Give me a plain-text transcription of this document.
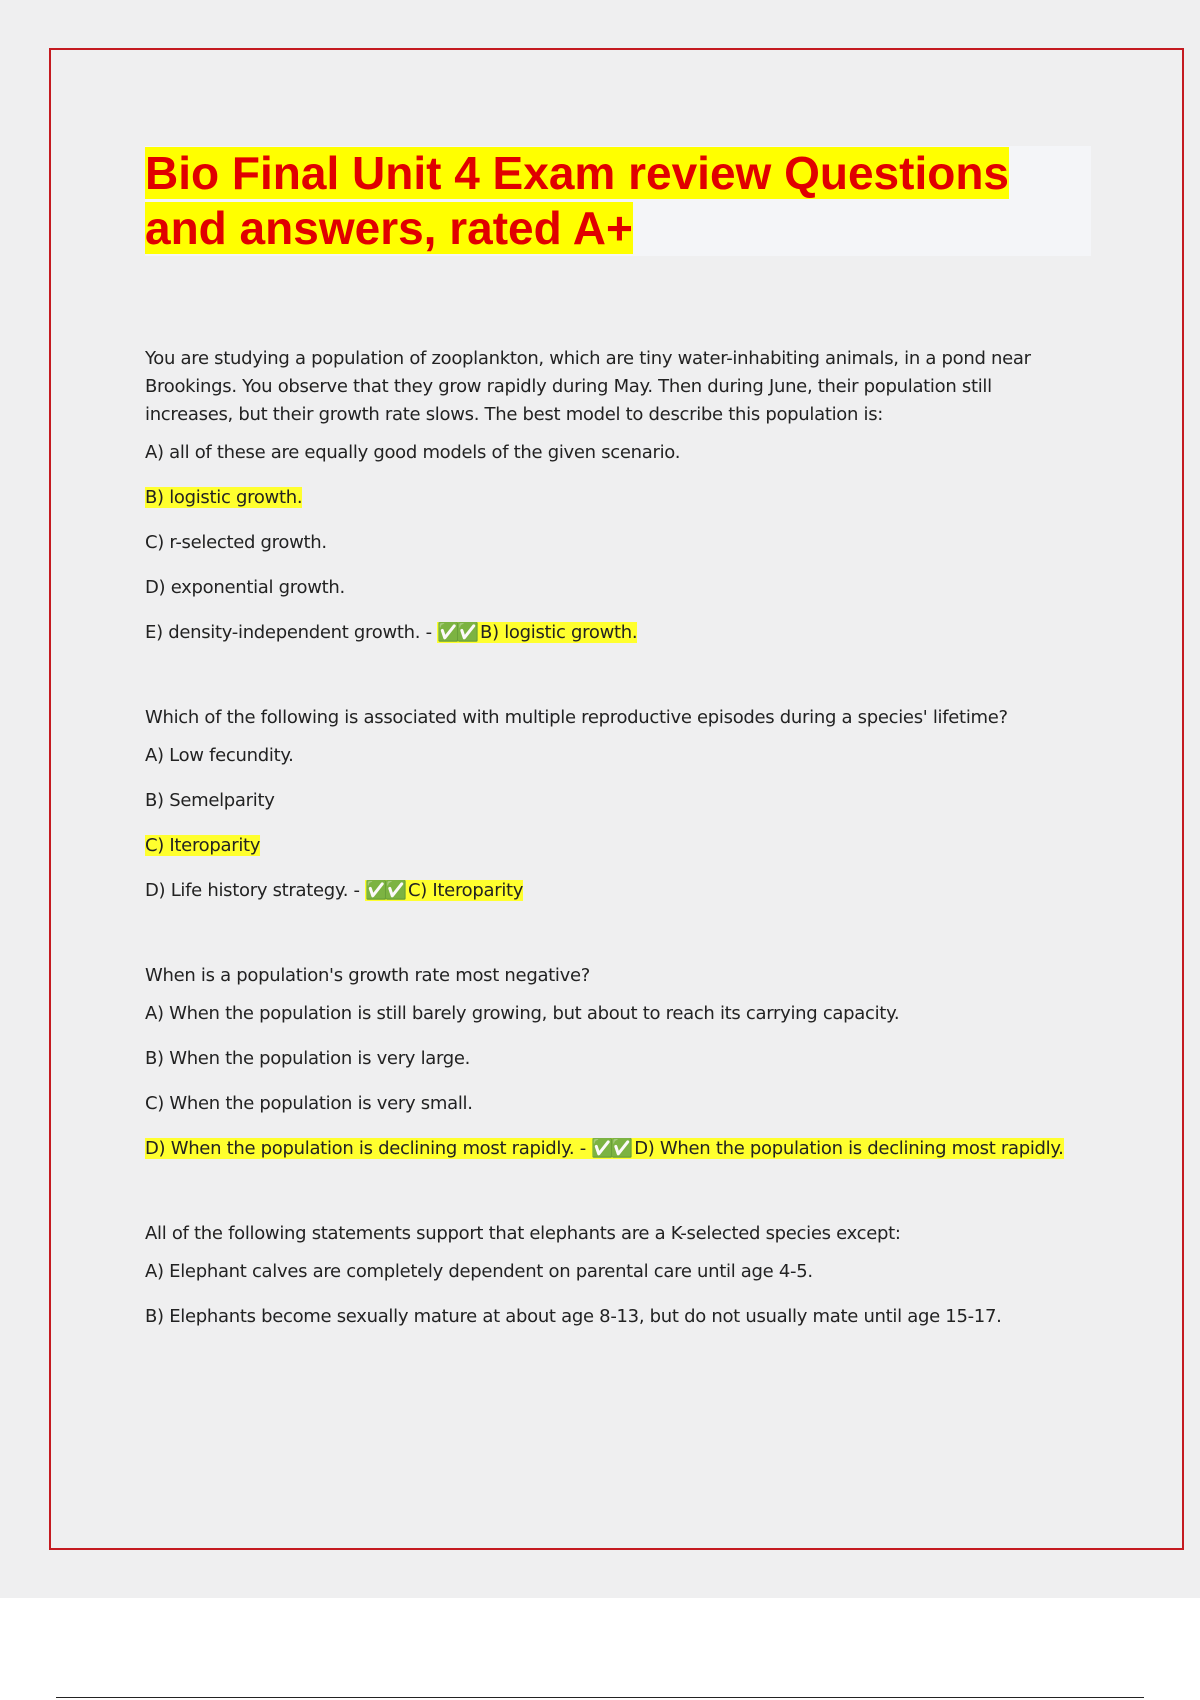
Bio Final Unit 4 Exam review Questions
and answers, rated A+

You are studying a population of zooplankton, which are tiny water-inhabiting animals, in a pond near Brookings. You observe that they grow rapidly during May. Then during June, their population still increases, but their growth rate slows. The best model to describe this population is:

A) all of these are equally good models of the given scenario.

B) logistic growth.

C) r-selected growth.

D) exponential growth.

E) density-independent growth. - ✅✅ B) logistic growth.

Which of the following is associated with multiple reproductive episodes during a species' lifetime?

A) Low fecundity.

B) Semelparity

C) Iteroparity

D) Life history strategy. - ✅✅ C) Iteroparity

When is a population's growth rate most negative?

A) When the population is still barely growing, but about to reach its carrying capacity.

B) When the population is very large.

C) When the population is very small.

D) When the population is declining most rapidly. - ✅✅ D) When the population is declining most rapidly.

All of the following statements support that elephants are a K-selected species except:

A) Elephant calves are completely dependent on parental care until age 4-5.

B) Elephants become sexually mature at about age 8-13, but do not usually mate until age 15-17.
